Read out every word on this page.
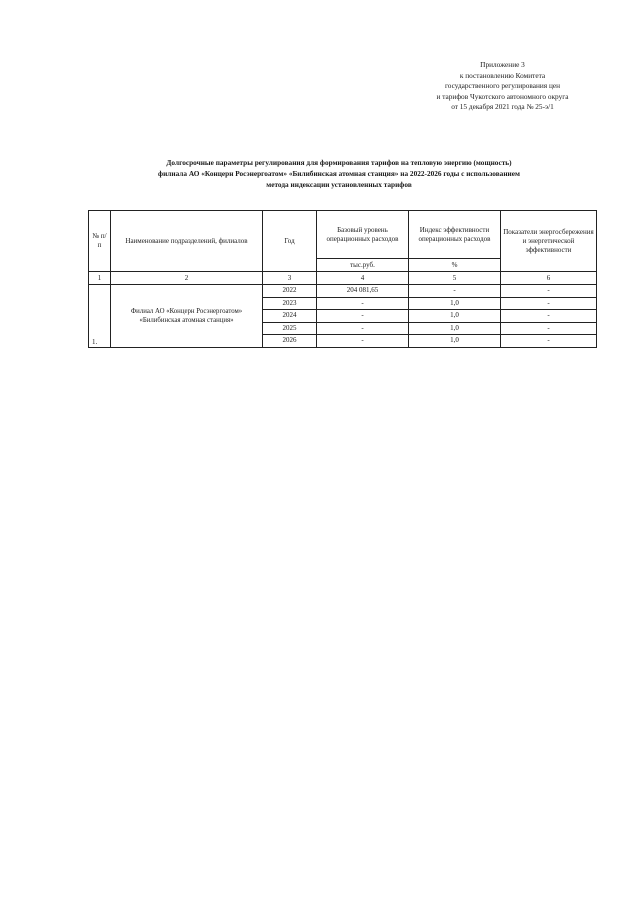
Приложение 3
к постановлению Комитета
государственного регулирования цен
и тарифов Чукотского автономного округа
от 15 декабря 2021 года № 25-э/1
Долгосрочные параметры регулирования для формирования тарифов на тепловую энергию (мощность)
филиала АО «Концерн Росэнергоатом» «Билибинская атомная станция» на 2022-2026 годы с использованием
метода индексации установленных тарифов
№ п/п	Наименование подразделений, филиалов	Год	Базовый уровень операционных расходов	Индекс эффективности операционных расходов	Показатели энергосбережения и энергетической эффективности
			тыс.руб.	%	
1	2	3	4	5	6
1.	Филиал АО «Концерн Росэнергоатом» «Билибинская атомная станция»	2022	204 081,65	-	-
		2023	-	1,0	-
		2024	-	1,0	-
		2025	-	1,0	-
		2026	-	1,0	-
